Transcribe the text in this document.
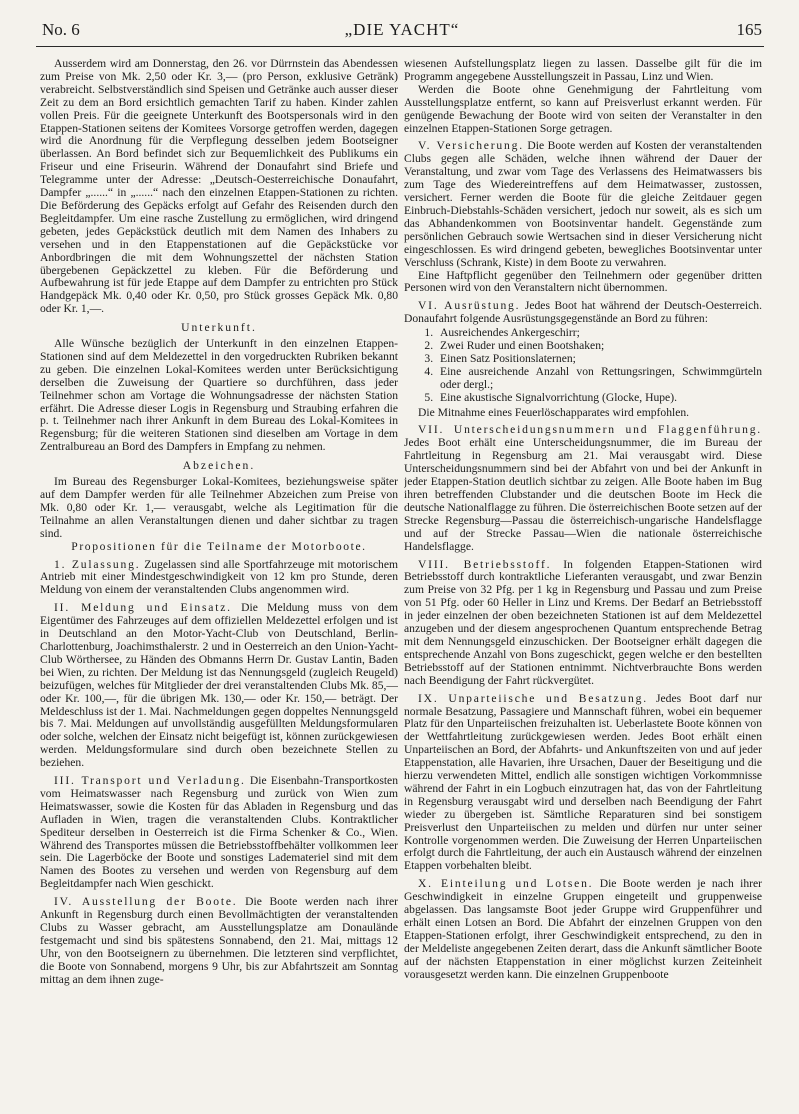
No. 6	„DIE YACHT“	165

Ausserdem wird am Donnerstag, den 26. vor Dürrnstein das Abendessen zum Preise von Mk. 2,50 oder Kr. 3,— (pro Person, exklusive Getränk) verabreicht. Selbstverständlich sind Speisen und Getränke auch ausser dieser Zeit zu dem an Bord ersichtlich gemachten Tarif zu haben. Kinder zahlen vollen Preis. Für die geeignete Unterkunft des Bootspersonals wird in den Etappen-Stationen seitens der Komitees Vorsorge getroffen werden, dagegen wird die Anordnung für die Verpflegung desselben jedem Bootseigner überlassen. An Bord befindet sich zur Bequemlichkeit des Publikums ein Friseur und eine Friseurin. Während der Donaufahrt sind Briefe und Telegramme unter der Adresse: „Deutsch-Oesterreichische Donaufahrt, Dampfer „......“ in „......“ nach den einzelnen Etappen-Stationen zu richten. Die Beförderung des Gepäcks erfolgt auf Gefahr des Reisenden durch den Begleitdampfer. Um eine rasche Zustellung zu ermöglichen, wird dringend gebeten, jedes Gepäckstück deutlich mit dem Namen des Inhabers zu versehen und in den Etappenstationen auf die Gepäckstücke vor Anbordbringen die mit dem Wohnungszettel der nächsten Station übergebenen Gepäckzettel zu kleben. Für die Beförderung und Aufbewahrung ist für jede Etappe auf dem Dampfer zu entrichten pro Stück Handgepäck Mk. 0,40 oder Kr. 0,50, pro Stück grosses Gepäck Mk. 0,80 oder Kr. 1,—.

Unterkunft.

Alle Wünsche bezüglich der Unterkunft in den einzelnen Etappen-Stationen sind auf dem Meldezettel in den vorgedruckten Rubriken bekannt zu geben. Die einzelnen Lokal-Komitees werden unter Berücksichtigung derselben die Zuweisung der Quartiere so durchführen, dass jeder Teilnehmer schon am Vortage die Wohnungsadresse der nächsten Station erfährt. Die Adresse dieser Logis in Regensburg und Straubing erfahren die p. t. Teilnehmer nach ihrer Ankunft in dem Bureau des Lokal-Komitees in Regensburg; für die weiteren Stationen sind dieselben am Vortage in dem Zentralbureau an Bord des Dampfers in Empfang zu nehmen.

Abzeichen.

Im Bureau des Regensburger Lokal-Komitees, beziehungsweise später auf dem Dampfer werden für alle Teilnehmer Abzeichen zum Preise von Mk. 0,80 oder Kr. 1,— verausgabt, welche als Legitimation für die Teilnahme an allen Veranstaltungen dienen und daher sichtbar zu tragen sind.

Propositionen für die Teilname der Motorboote.

1. Zulassung. Zugelassen sind alle Sportfahrzeuge mit motorischem Antrieb mit einer Mindestgeschwindigkeit von 12 km pro Stunde, deren Meldung von einem der veranstaltenden Clubs angenommen wird.

II. Meldung und Einsatz. Die Meldung muss von dem Eigentümer des Fahrzeuges auf dem offiziellen Meldezettel erfolgen und ist in Deutschland an den Motor-Yacht-Club von Deutschland, Berlin-Charlottenburg, Joachimsthalerstr. 2 und in Oesterreich an den Union-Yacht-Club Wörthersee, zu Händen des Obmanns Herrn Dr. Gustav Lantin, Baden bei Wien, zu richten. Der Meldung ist das Nennungsgeld (zugleich Reugeld) beizufügen, welches für Mitglieder der drei veranstaltenden Clubs Mk. 85,— oder Kr. 100,—, für die übrigen Mk. 130,— oder Kr. 150,— beträgt. Der Meldeschluss ist der 1. Mai. Nachmeldungen gegen doppeltes Nennungsgeld bis 7. Mai. Meldungen auf unvollständig ausgefüllten Meldungsformularen oder solche, welchen der Einsatz nicht beigefügt ist, können zurückgewiesen werden. Meldungsformulare sind durch oben bezeichnete Stellen zu beziehen.

III. Transport und Verladung. Die Eisenbahn-Transportkosten vom Heimatswasser nach Regensburg und zurück von Wien zum Heimatswasser, sowie die Kosten für das Abladen in Regensburg und das Aufladen in Wien, tragen die veranstaltenden Clubs. Kontraktlicher Spediteur derselben in Oesterreich ist die Firma Schenker & Co., Wien. Während des Transportes müssen die Betriebsstoffbehälter vollkommen leer sein. Die Lagerböcke der Boote und sonstiges Lademateriel sind mit dem Namen des Bootes zu versehen und werden von Regensburg auf dem Begleitdampfer nach Wien geschickt.

IV. Ausstellung der Boote. Die Boote werden nach ihrer Ankunft in Regensburg durch einen Bevollmächtigten der veranstaltenden Clubs zu Wasser gebracht, am Ausstellungsplatze am Donaulände festgemacht und sind bis spätestens Sonnabend, den 21. Mai, mittags 12 Uhr, von den Bootseignern zu übernehmen. Die letzteren sind verpflichtet, die Boote von Sonnabend, morgens 9 Uhr, bis zur Abfahrtszeit am Sonntag mittag an dem ihnen zuge-

wiesenen Aufstellungsplatz liegen zu lassen. Dasselbe gilt für die im Programm angegebene Ausstellungszeit in Passau, Linz und Wien.

Werden die Boote ohne Genehmigung der Fahrtleitung vom Ausstellungsplatze entfernt, so kann auf Preisverlust erkannt werden. Für genügende Bewachung der Boote wird von seiten der Veranstalter in den einzelnen Etappen-Stationen Sorge getragen.

V. Versicherung. Die Boote werden auf Kosten der veranstaltenden Clubs gegen alle Schäden, welche ihnen während der Dauer der Veranstaltung, und zwar vom Tage des Verlassens des Heimatwassers bis zum Tage des Wiedereintreffens auf dem Heimatwasser, zustossen, versichert. Ferner werden die Boote für die gleiche Zeitdauer gegen Einbruch-Diebstahls-Schäden versichert, jedoch nur soweit, als es sich um das Abhandenkommen von Bootsinventar handelt. Gegenstände zum persönlichen Gebrauch sowie Wertsachen sind in dieser Versicherung nicht eingeschlossen. Es wird dringend gebeten, bewegliches Bootsinventar unter Verschluss (Schrank, Kiste) in dem Boote zu verwahren.

Eine Haftpflicht gegenüber den Teilnehmern oder gegenüber dritten Personen wird von den Veranstaltern nicht übernommen.

VI. Ausrüstung. Jedes Boot hat während der Deutsch-Oesterreich. Donaufahrt folgende Ausrüstungsgegenstände an Bord zu führen:

1. Ausreichendes Ankergeschirr;
2. Zwei Ruder und einen Bootshaken;
3. Einen Satz Positionslaternen;
4. Eine ausreichende Anzahl von Rettungsringen, Schwimmgürteln oder dergl.;
5. Eine akustische Signalvorrichtung (Glocke, Hupe).

Die Mitnahme eines Feuerlöschapparates wird empfohlen.

VII. Unterscheidungsnummern und Flaggenführung. Jedes Boot erhält eine Unterscheidungsnummer, die im Bureau der Fahrtleitung in Regensburg am 21. Mai verausgabt wird. Diese Unterscheidungsnummern sind bei der Abfahrt von und bei der Ankunft in jeder Etappen-Station deutlich sichtbar zu zeigen. Alle Boote haben im Bug ihren betreffenden Clubstander und die deutschen Boote im Heck die deutsche Nationalflagge zu führen. Die österreichischen Boote setzen auf der Strecke Regensburg—Passau die österreichisch-ungarische Handelsflagge und auf der Strecke Passau—Wien die nationale österreichische Handelsflagge.

VIII. Betriebsstoff. In folgenden Etappen-Stationen wird Betriebsstoff durch kontraktliche Lieferanten verausgabt, und zwar Benzin zum Preise von 32 Pfg. per 1 kg in Regensburg und Passau und zum Preise von 51 Pfg. oder 60 Heller in Linz und Krems. Der Bedarf an Betriebsstoff in jeder einzelnen der oben bezeichneten Stationen ist auf dem Meldezettel anzugeben und der diesem angesprochenen Quantum entsprechende Betrag mit dem Nennungsgeld einzuschicken. Der Bootseigner erhält dagegen die entsprechende Anzahl von Bons zugeschickt, gegen welche er den bestellten Betriebsstoff auf der Stationen entnimmt. Nichtverbrauchte Bons werden nach Beendigung der Fahrt rückvergütet.

IX. Unparteiische und Besatzung. Jedes Boot darf nur normale Besatzung, Passagiere und Mannschaft führen, wobei ein bequemer Platz für den Unparteiischen freizuhalten ist. Ueberlastete Boote können von der Wettfahrtleitung zurückgewiesen werden. Jedes Boot erhält einen Unparteiischen an Bord, der Abfahrts- und Ankunftszeiten von und auf jeder Etappenstation, alle Havarien, ihre Ursachen, Dauer der Beseitigung und die hierzu verwendeten Mittel, endlich alle sonstigen wichtigen Vorkommnisse während der Fahrt in ein Logbuch einzutragen hat, das von der Fahrtleitung in Regensburg verausgabt wird und derselben nach Beendigung der Fahrt wieder zu übergeben ist. Sämtliche Reparaturen sind bei sonstigem Preisverlust den Unparteiischen zu melden und dürfen nur unter seiner Kontrolle vorgenommen werden. Die Zuweisung der Herren Unparteiischen erfolgt durch die Fahrtleitung, der auch ein Austausch während der einzelnen Etappen vorbehalten bleibt.

X. Einteilung und Lotsen. Die Boote werden je nach ihrer Geschwindigkeit in einzelne Gruppen eingeteilt und gruppenweise abgelassen. Das langsamste Boot jeder Gruppe wird Gruppenführer und erhält einen Lotsen an Bord. Die Abfahrt der einzelnen Gruppen von den Etappen-Stationen erfolgt, ihrer Geschwindigkeit entsprechend, zu den in der Meldeliste angegebenen Zeiten derart, dass die Ankunft sämtlicher Boote auf der nächsten Etappenstation in einer möglichst kurzen Zeiteinheit vorausgesetzt werden kann. Die einzelnen Gruppenboote
